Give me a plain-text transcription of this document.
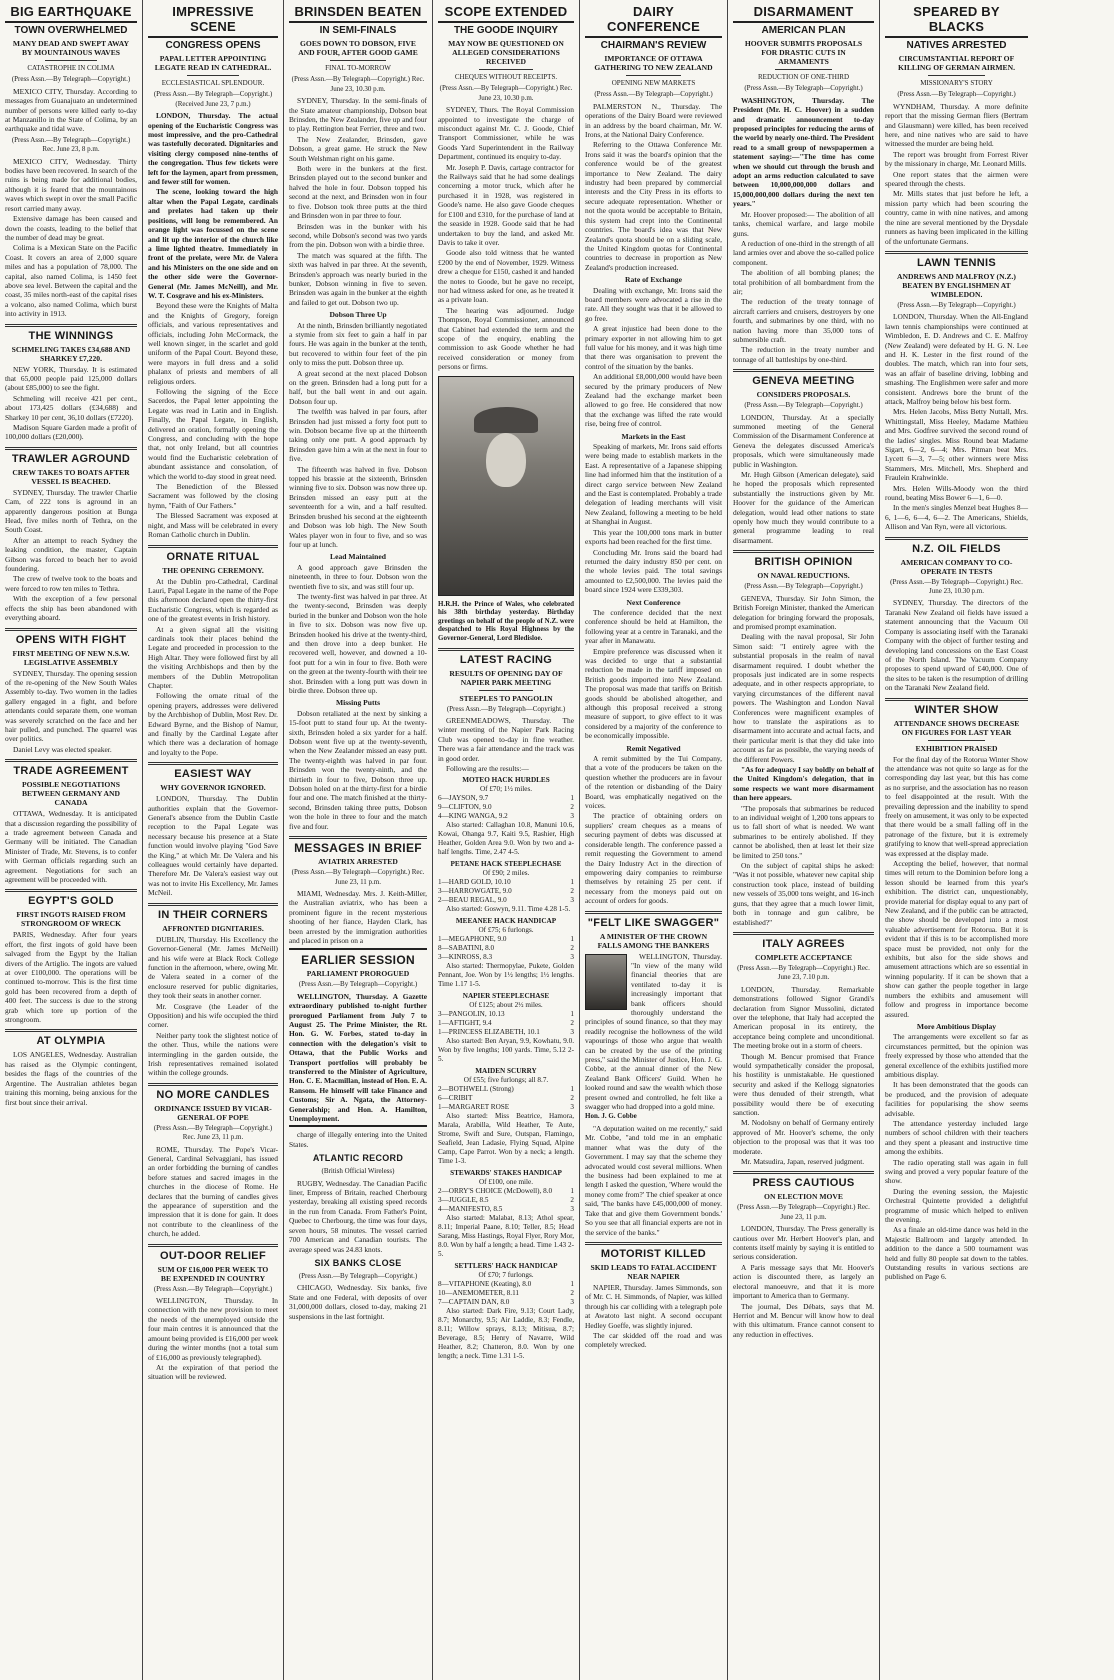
BIG EARTHQUAKE
TOWN OVERWHELMED
MANY DEAD AND SWEPT AWAY BY MOUNTAINOUS WAVES
CATASTROPHE IN COLIMA
(Press Assn.—By Telegraph—Copyright.)

MEXICO CITY, Thursday. According to messages from Guanajuato an undetermined number of persons were killed early to-day at Manzanillo in the State of Colima, by an earthquake and tidal wave.

(Press Assn.—By Telegraph—Copyright.) Rec. June 23, 8 p.m.

MEXICO CITY, Wednesday. Thirty bodies have been recovered. In search of the ruins is being made for additional bodies, although it is feared that the mountainous waves which swept in over the small Pacific resort carried many away.

Extensive damage has been caused and down the coasts, leading to the belief that the number of dead may be great.

Colima is a Mexican State on the Pacific Coast. It covers an area of 2,000 square miles and has a population of 78,000. The capital, also named Colima, is 1450 feet above sea level. Between the capital and the coast, 35 miles north-east of the capital rises a volcano, also named Colima, which burst into activity in 1913.

THE WINNINGS
SCHMELING TAKES £34,688 AND SHARKEY £7,220.

NEW YORK, Thursday. It is estimated that 65,000 people paid 125,000 dollars (about £85,000) to see the fight.

Schmeling will receive 421 per cent., about 173,425 dollars (£34,688) and Sharkey 10 per cent, 36,10 dollars (£7220).

Madison Square Garden made a profit of 100,000 dollars (£20,000).

TRAWLER AGROUND
CREW TAKES TO BOATS AFTER VESSEL IS BEACHED.

SYDNEY, Thursday. The trawler Charlie Cam, of 222 tons is aground in an apparently dangerous position at Bunga Head, five miles north of Tethra, on the South Coast.

After an attempt to reach Sydney the leaking condition, the master, Captain Gibson was forced to beach her to avoid foundering.

The crew of twelve took to the boats and were forced to row ten miles to Tethra.

With the exception of a few personal effects the ship has been abandoned with everything aboard.

OPENS WITH FIGHT
FIRST MEETING OF NEW N.S.W. LEGISLATIVE ASSEMBLY

SYDNEY, Thursday. The opening session of the re-opening of the New South Wales Assembly to-day. Two women in the ladies gallery engaged in a fight, and before attendants could separate them, one woman was severely scratched on the face and her hair pulled, and punched. The quarrel was over politics.

Daniel Levy was elected speaker.

TRADE AGREEMENT
POSSIBLE NEGOTIATIONS BETWEEN GERMANY AND CANADA

OTTAWA, Wednesday. It is anticipated that a discussion regarding the possibility of a trade agreement between Canada and Germany will be initiated. The Canadian Minister of Trade, Mr. Stevens, is to confer with German officials regarding such an agreement. Negotiations for such an agreement will be proceeded with.

EGYPT'S GOLD
FIRST INGOTS RAISED FROM STRONGROOM OF WRECK

PARIS, Wednesday. After four years effort, the first ingots of gold have been salvaged from the Egypt by the Italian divers of the Artiglio. The ingots are valued at over £100,000. The operations will be continued to-morrow. This is the first time gold has been recovered from a depth of 400 feet. The success is due to the strong grab which tore up portion of the strongroom.

AT OLYMPIA

LOS ANGELES, Wednesday. Australian has raised as the Olympic contingent, besides the flags of the countries of the Argentine. The Australian athletes began training this morning, being anxious for the first bout since their arrival.

IMPRESSIVE SCENE
CONGRESS OPENS
PAPAL LETTER APPOINTING LEGATE READ IN CATHEDRAL.
ECCLESIASTICAL SPLENDOUR.
(Press Assn.—By Telegraph—Copyright.) (Received June 23, 7 p.m.)

LONDON, Thursday. The actual opening of the Eucharistic Congress was most impressive, and the pro-Cathedral was tastefully decorated. Dignitaries and visiting clergy composed nine-tenths of the congregation. Thus few tickets were left for the laymen, apart from pressmen, and fewer still for women.

The scene, looking toward the high altar when the Papal Legate, cardinals and prelates had taken up their positions, will long be remembered. An orange light was focussed on the scene and lit up the interior of the church like a lime lighted theatre. Immediately in front of the prelate, were Mr. de Valera and his Ministers on the one side and on the other side were the Governor-General (Mr. James McNeill), and Mr. W. T. Cosgrave and his ex-Ministers.

Beyond these were the Knights of Malta and the Knights of Gregory, foreign officials, and various representatives and officials, including John McCormack, the well known singer, in the scarlet and gold uniform of the Papal Court. Beyond these, were mayors in full dress and a solid phalanx of priests and members of all religious orders.

Following the signing of the Ecce Sacerdos, the Papal letter appointing the Legate was read in Latin and in English. Finally, the Papal Legate, in English, delivered an oration, formally opening the Congress, and concluding with the hope that, not only Ireland, but all countries would find the Eucharistic celebration of abundant assistance and consolation, of which the world to-day stood in great need.

The Benediction of the Blessed Sacrament was followed by the closing hymn, "Faith of Our Fathers."

The Blessed Sacrament was exposed at night, and Mass will be celebrated in every Roman Catholic church in Dublin.

ORNATE RITUAL
THE OPENING CEREMONY.

At the Dublin pro-Cathedral, Cardinal Lauri, Papal Legate in the name of the Pope this afternoon declared open the thirty-first Eucharistic Congress, which is regarded as one of the greatest events in Irish history.

At a given signal all the visiting cardinals took their places behind the Legate and proceeded in procession to the High Altar. They were followed first by all the visiting Archbishops and then by the members of the Dublin Metropolitan Chapter.

Following the ornate ritual of the opening prayers, addresses were delivered by the Archbishop of Dublin, Most Rev. Dr. Edward Byrne, and the Bishop of Namur, and finally by the Cardinal Legate after which there was a declaration of homage and loyalty to the Pope.

EASIEST WAY
WHY GOVERNOR IGNORED.

LONDON, Thursday. The Dublin authorities explain that the Governor-General's absence from the Dublin Castle reception to the Papal Legate was necessary because his presence at a State function would involve playing "God Save the King," at which Mr. De Valera and his colleagues would certainly have departed. Therefore Mr. De Valera's easiest way out was not to invite His Excellency, Mr. James McNeil.

IN THEIR CORNERS
AFFRONTED DIGNITARIES.

DUBLIN, Thursday. His Excellency the Governor-General (Mr. James McNeill) and his wife were at Black Rock College function in the afternoon, where, owing Mr. de Valera seated in a corner of the enclosure reserved for public dignitaries, they took their seats in another corner.

Mr. Cosgrave (the Leader of the Opposition) and his wife occupied the third corner.

Neither party took the slightest notice of the other. Thus, while the nations were intermingling in the garden outside, the Irish representatives remained isolated within the college grounds.

NO MORE CANDLES
ORDINANCE ISSUED BY VICAR-GENERAL OF POPE
(Press Assn.—By Telegraph—Copyright.) Rec. June 23, 11 p.m.

ROME, Thursday. The Pope's Vicar-General, Cardinal Selvaggiani, has issued an order forbidding the burning of candles before statues and sacred images in the churches in the diocese of Rome. He declares that the burning of candles gives the appearance of superstition and the impression that it is done for gain. It does not contribute to the cleanliness of the church, he added.

OUT-DOOR RELIEF
SUM OF £16,000 PER WEEK TO BE EXPENDED IN COUNTRY
(Press Assn.—By Telegraph—Copyright.)

WELLINGTON, Thursday. In connection with the new provision to meet the needs of the unemployed outside the four main centres it is announced that the amount being provided is £16,000 per week during the winter months (not a total sum of £16,000 as previously telegraphed).

At the expiration of that period the situation will be reviewed.

BRINSDEN BEATEN
IN SEMI-FINALS
GOES DOWN TO DOBSON, FIVE AND FOUR, AFTER GOOD GAME
FINAL TO-MORROW
(Press Assn.—By Telegraph—Copyright.) Rec. June 23, 10.30 p.m.

SYDNEY, Thursday. In the semi-finals of the State amateur championship, Dobson beat Brinsden, the New Zealander, five up and four to play. Rettington beat Ferrier, three and two.

The New Zealander, Brinsden, gave Dobson, a great game. He struck the New South Welshman right on his game.

Both were in the bunkers at the first. Brinsden played out to the second bunker and halved the hole in four. Dobson topped his second at the next, and Brinsden won in four to five. Dobson took three putts at the third and Brinsden won in par three to four.

Brinsden was in the bunker with his second, while Dobson's second was two yards from the pin. Dobson won with a birdie three.

The match was squared at the fifth. The sixth was halved in par three. At the seventh, Brinsden's approach was nearly buried in the bunker, Dobson winning in five to seven. Brinsden was again in the bunker at the eighth and failed to get out. Dobson two up.

Dobson Three Up

At the ninth, Brinsden brilliantly negotiated a stymie from six feet to gain a half in par fours. He was again in the bunker at the tenth, but recovered to within four feet of the pin only to miss the putt. Dobson three up.

A great second at the next placed Dobson on the green. Brinsden had a long putt for a half, but the ball went in and out again. Dobson four up.

The twelfth was halved in par fours, after Brinsden had just missed a forty foot putt to win. Dobson became five up at the thirteenth taking only one putt. A good approach by Brinsden gave him a win at the next in four to five.

The fifteenth was halved in five. Dobson topped his brassie at the sixteenth, Brinsden winning five to six. Dobson was now three up. Brinsden missed an easy putt at the seventeenth for a win, and a half resulted. Brinsden brushed his second at the eighteenth and Dobson was lob high. The New South Wales player won in four to five, and so was four up at lunch.

Lead Maintained

A good approach gave Brinsden the nineteenth, in three to four. Dobson won the twentieth five to six, and was still four up.

The twenty-first was halved in par three. At the twenty-second, Brinsden was deeply buried in the bunker and Dobson won the hole in five to six. Dobson was now five up. Brinsden hooked his drive at the twenty-third, and then drove into a deep bunker. He recovered well, however, and downed a 10-foot putt for a win in four to five. Both were on the green at the twenty-fourth with their tee shot. Brinsden with a long putt was down in birdie three. Dobson three up.

Missing Putts

Dobson retaliated at the next by sinking a 15-foot putt to stand four up. At the twenty-sixth, Brinsden holed a six yarder for a half. Dobson went five up at the twenty-seventh, when the New Zealander missed an easy putt. The twenty-eighth was halved in par four. Brinsden won the twenty-ninth, and the thirtieth in four to five, Dobson three up. Dobson holed on at the thirty-first for a birdie four and one. The match finished at the thirty-second, Brinsden taking three putts, Dobson won the hole in three to four and the match five and four.

MESSAGES IN BRIEF
AVIATRIX ARRESTED
(Press Assn.—By Telegraph—Copyright.) Rec. June 23, 11 p.m.

MIAMI, Wednesday. Mrs. J. Keith-Miller, the Australian aviatrix, who has been a prominent figure in the recent mysterious shooting of her fiance, Hayden Clark, has been arrested by the immigration authorities and placed in prison on a

EARLIER SESSION
PARLIAMENT PROROGUED
(Press Assn.—By Telegraph—Copyright.)

WELLINGTON, Thursday. A Gazette extraordinary published to-night further prorogued Parliament from July 7 to August 25. The Prime Minister, the Rt. Hon. G. W. Forbes, stated to-day in connection with the delegation's visit to Ottawa, that the Public Works and Transport portfolios will probably be transferred to the Minister of Agriculture, Hon. C. E. Macmillan, instead of Hon. E. A. Ransom. He himself will take Finance and Customs; Sir A. Ngata, the Attorney-Generalship; and Hon. A. Hamilton, Unemployment.

charge of illegally entering into the United States.

ATLANTIC RECORD
(British Official Wireless)

RUGBY, Wednesday. The Canadian Pacific liner, Empress of Britain, reached Cherbourg yesterday, breaking all existing speed records in the run from Canada. From Father's Point, Quebec to Cherbourg, the time was four days, seven hours, 58 minutes. The vessel carried 700 American and Canadian tourists. The average speed was 24.83 knots.

SIX BANKS CLOSE
(Press Assn.—By Telegraph—Copyright.)

CHICAGO, Wednesday. Six banks, five State and one Federal, with deposits of over 31,000,000 dollars, closed to-day, making 21 suspensions in the last fortnight.

SCOPE EXTENDED
THE GOODE INQUIRY
MAY NOW BE QUESTIONED ON ALLEGED CONSIDERATIONS RECEIVED
CHEQUES WITHOUT RECEIPTS.
(Press Assn.—By Telegraph—Copyright.) Rec. June 23, 10.30 p.m.

SYDNEY, Thurs. The Royal Commission appointed to investigate the charge of misconduct against Mr. C. J. Goode, Chief Transport Commissioner, while he was Goods Yard Superintendent in the Railway Department, continued its enquiry to-day.

Mr. Joseph P. Davis, cartage contractor for the Railways said that he had some dealings concerning a motor truck, which after he purchased it in 1928, was registered in Goode's name. He also gave Goode cheques for £100 and £310, for the purchase of land at the seaside in 1928. Goode said that he had undertaken to buy the land, and asked Mr. Davis to take it over.

Goode also told witness that he wanted £200 by the end of November, 1929. Witness drew a cheque for £150, cashed it and handed the notes to Goode, but he gave no receipt, nor had witness asked for one, as he treated it as a private loan.

The hearing was adjourned. Judge Thompson, Royal Commissioner, announced that Cabinet had extended the term and the scope of the enquiry, enabling the commission to ask Goode whether he had received consideration or money from persons or firms.

H.R.H. the Prince of Wales, who celebrated his 38th birthday yesterday. Birthday greetings on behalf of the people of N.Z. were despatched to His Royal Highness by the Governor-General, Lord Bledisloe.
LATEST RACING
RESULTS OF OPENING DAY OF NAPIER PARK MEETING
STEEPLES TO PANGOLIN
(Press Assn.—By Telegraph—Copyright.)

GREENMEADOWS, Thursday. The winter meeting of the Napier Park Racing Club was opened to-day in fine weather. There was a fair attendance and the track was in good order.

Following are the results:—

MOTEO HACK HURDLES
Of £70; 1½ miles.
6—JAYSON, 9.7	1
9—CLIFTON, 9.0	2
4—KING WANGA, 9.2	3
Also started: Callaghan 10.8, Manuni 10.6, Kowai, Ohanga 9.7, Kaiti 9.5, Rashier, High Heather, Golden Area 9.0. Won by two and a-half lengths. Time, 2.47 4-5.
PETANE HACK STEEPLECHASE
Of £90; 2 miles.
1—HARD GOLD, 10.10	1
3—HARROWGATE, 9.0	2
2—BEAU REGAL, 9.0	3
Also started: Goswyn, 9.11. Time 4.28 1-5.
MEEANEE HACK HANDICAP
Of £75; 6 furlongs.
1—MEGAPHONE, 9.0	1
8—SABATINI, 8.0	2
3—KINROSS, 8.3	3
Also started: Thermopylae, Pukete, Golden Pennant, Joe. Won by 1½ lengths; 1½ lengths. Time 1.17 1-5.
NAPIER STEEPLECHASE
Of £125; about 2½ miles.
3—PANGOLIN, 10.13	1
1—AFTIGHT, 9.4	2
1—PRINCESS ELIZABETH, 10.1	3
Also started: Ben Aryan, 9.9, Kowhatu, 9.0. Won by five lengths; 100 yards. Time, 5.12 2-5.
MAIDEN SCURRY
Of £55; five furlongs; all 8.7.
2—BOTHWELL (Strong)	1
6—CRIBIT	2
1—MARGARET ROSE	3
Also started: Miss Beatrice, Hamora, Marala, Arabilla, Wild Heather, Te Aute, Strome, Swift and Sure, Outspan, Flamingo, Seafield, Jean Ladasie, Flying Squad, Alpine Camp, Cape Parrot. Won by a neck; a length. Time 1-3.
STEWARDS' STAKES HANDICAP
Of £100, one mile.
2—ORRY'S CHOICE (McDowell), 8.0	1
3—JUGGLE, 8.5	2
4—MANIFESTO, 8.5	3
Also started: Malabat, 8.13; Athol spear, 8.11; Imperial Paane, 8.10; Teller, 8.5; Head Sarang, Miss Hastings, Royal Flyer, Rory Mor, 8.0. Won by half a length; a head. Time 1.43 2-5.
SETTLERS' HACK HANDICAP
Of £70; 7 furlongs.
8—VITAPHONE (Keating), 8.0	1
10—ANEMOMETER, 8.11	2
7—CAPTAIN DAN, 8.0	3
Also started: Dark Fire, 9.13; Court Lady, 8.7; Monarchy, 9.5; Air Laddie, 8.3; Fendle, 8.11; Willow sprays, 8.13; Mitisua, 8.7; Beverage, 8.5; Henry of Navarre, Wild Heather, 8.2; Chatteron, 8.0. Won by one length; a neck. Time 1.31 1-5.
DAIRY CONFERENCE
CHAIRMAN'S REVIEW
IMPORTANCE OF OTTAWA GATHERING TO NEW ZEALAND
OPENING NEW MARKETS
(Press Assn.—By Telegraph—Copyright.)

PALMERSTON N., Thursday. The operations of the Dairy Board were reviewed in an address by the board chairman, Mr. W. Irons, at the National Dairy Conference.

Referring to the Ottawa Conference Mr. Irons said it was the board's opinion that the conference would be of the greatest importance to New Zealand. The dairy industry had been prepared by commercial interests and the City Press in its efforts to secure adequate representation. Whether or not the quota would be acceptable to Britain, this system had crept into the Continental countries. The board's idea was that New Zealand's quota should be on a sliding scale, the United Kingdom quotas for Continental countries to decrease in proportion as New Zealand's production increased.

Rate of Exchange

Dealing with exchange, Mr. Irons said the board members were advocated a rise in the rate. All they sought was that it be allowed to go free.

A great injustice had been done to the primary exporter in not allowing him to get full value for his money, and it was high time that there was organisation to prevent the control of the situation by the banks.

An additional £8,000,000 would have been secured by the primary producers of New Zealand had the exchange market been allowed to go free. He considered that now that the exchange was lifted the rate would rise, being free of control.

Markets in the East

Speaking of markets, Mr. Irons said efforts were being made to establish markets in the East. A representative of a Japanese shipping line had informed him that the institution of a direct cargo service between New Zealand and the East is contemplated. Probably a trade delegation of leading merchants will visit New Zealand, following a meeting to be held at Shanghai in August.

This year the 100,000 tons mark in butter exports had been reached for the first time.

Concluding Mr. Irons said the board had returned the dairy industry 850 per cent. on the whole levies paid. The total savings amounted to £2,500,000. The levies paid the board since 1924 were £339,303.

Next Conference

The conference decided that the next conference should be held at Hamilton, the following year at a centre in Taranaki, and the year after in Manawatu.

Empire preference was discussed when it was decided to urge that a substantial reduction be made in the tariff imposed on British goods imported into New Zealand. The proposal was made that tariffs on British goods should be abolished altogether, and although this proposal received a strong measure of support, to give effect to it was considered by a majority of the conference to be economically impossible.

Remit Negatived

A remit submitted by the Tui Company, that a vote of the producers be taken on the question whether the producers are in favour of the retention or disbanding of the Dairy Board, was emphatically negatived on the voices.

The practice of obtaining orders on suppliers' cream cheques as a means of securing payment of debts was discussed at considerable length. The conference passed a remit requesting the Government to amend the Dairy Industry Act in the direction of empowering dairy companies to reimburse themselves by retaining 25 per cent. if necessary from the moneys paid out on account of orders for goods.

"FELT LIKE SWAGGER"
A MINISTER OF THE CROWN FALLS AMONG THE BANKERS

WELLINGTON, Thursday. "In view of the many wild financial theories that are ventilated to-day it is increasingly important that bank officers should thoroughly understand the principles of sound finance, so that they may readily recognise the hollowness of the wild vapourings of those who argue that wealth can be created by the use of the printing press," said the Minister of Justice, Hon. J. G. Cobbe, at the annual dinner of the New Zealand Bank Officers' Guild. When he looked round and saw the wealth which those present owned and controlled, he felt like a swagger who had dropped into a gold mine.

Hon. J. G. Cobbe

"A deputation waited on me recently," said Mr. Cobbe, "and told me in an emphatic manner what was the duty of the Government. I may say that the scheme they advocated would cost several millions. When the business had been explained to me at length I asked the question, 'Where would the money come from?' The chief speaker at once said, 'The banks have £45,000,000 of money. Take that and give them Government bonds.' So you see that all financial experts are not in the service of the banks."

MOTORIST KILLED
SKID LEADS TO FATAL ACCIDENT NEAR NAPIER

NAPIER, Thursday. James Simmonds, son of Mr. C. H. Simmonds, of Napier, was killed through his car colliding with a telegraph pole at Awatoto last night. A second occupant Hedley Goeffe, was slightly injured.

The car skidded off the road and was completely wrecked.

DISARMAMENT
AMERICAN PLAN
HOOVER SUBMITS PROPOSALS FOR DRASTIC CUTS IN ARMAMENTS
REDUCTION OF ONE-THIRD
(Press Assn.—By Telegraph—Copyright.)

WASHINGTON, Thursday. The President (Mr. H. C. Hoover) in a sudden and dramatic announcement to-day proposed principles for reducing the arms of the world by nearly one-third. The President read to a small group of newspapermen a statement saying:—"The time has come when we should cut through the brush and adopt an arms reduction calculated to save between 10,000,000,000 dollars and 15,000,000,000 dollars during the next ten years."

Mr. Hoover proposed:— The abolition of all tanks, chemical warfare, and large mobile guns.

A reduction of one-third in the strength of all land armies over and above the so-called police component.

The abolition of all bombing planes; the total prohibition of all bombardment from the air;

The reduction of the treaty tonnage of aircraft carriers and cruisers, destroyers by one fourth, and submarines by one third, with no nation having more than 35,000 tons of submersible craft.

The reduction in the treaty number and tonnage of all battleships by one-third.

GENEVA MEETING
CONSIDERS PROPOSALS.
(Press Assn.—By Telegraph—Copyright.)

LONDON, Thursday. At a specially summoned meeting of the General Commission of the Disarmament Conference at Geneva the delegates discussed America's proposals, which were simultaneously made public in Washington.

Mr. Hugh Gibson (American delegate), said he hoped the proposals which represented substantially the instructions given by Mr. Hoover for the guidance of the American delegation, would lead other nations to state openly how much they would contribute to a general programme leading to real disarmament.

BRITISH OPINION
ON NAVAL REDUCTIONS.
(Press Assn.—By Telegraph—Copyright.)

GENEVA, Thursday. Sir John Simon, the British Foreign Minister, thanked the American delegation for bringing forward the proposals, and promised prompt examination.

Dealing with the naval proposal, Sir John Simon said: "I entirely agree with the substantial proposals in the realm of naval disarmament required. I doubt whether the proposals just indicated are in some respects adequate, and in other respects appropriate, to varying circumstances of the different naval powers. The Washington and London Naval Conferences were magnificent examples of how to translate the aspirations as to disarmament into accurate and actual facts, and their particular merit is that they did take into account as far as possible, the varying needs of the different Powers.

"As for adequacy I say boldly on behalf of the United Kingdom's delegation, that in some respects we want more disarmament than here appears.

"The proposals that submarines be reduced to an individual weight of 1,200 tons appears to us to fall short of what is needed. We want submarines to be entirely abolished. If they cannot be abolished, then at least let their size be limited to 250 tons."

On the subject of capital ships he asked: "Was it not possible, whatever new capital ship construction took place, instead of building new vessels of 35,000 tons weight, and 16-inch guns, that they agree that a much lower limit, both in tonnage and gun calibre, be established?"

ITALY AGREES
COMPLETE ACCEPTANCE
(Press Assn.—By Telegraph—Copyright.) Rec. June 23, 7.10 p.m.

LONDON, Thursday. Remarkable demonstrations followed Signor Grandi's declaration from Signor Mussolini, dictated over the telephone, that Italy had accepted the American proposal in its entirety, the acceptance being complete and unconditional. The meeting broke out in a storm of cheers.

Though M. Bencur promised that France would sympathetically consider the proposal, his hostility is unmistakable. He questioned security and asked if the Kellogg signatories were thus denuded of their strength, what possibility would there be of executing sanction.

M. Nodolsny on behalf of Germany entirely approved of Mr. Hoover's scheme, the only objection to the proposal was that it was too moderate.

Mr. Matsudira, Japan, reserved judgment.

PRESS CAUTIOUS
ON ELECTION MOVE
(Press Assn.—By Telegraph—Copyright.) Rec. June 23, 11 p.m.

LONDON, Thursday. The Press generally is cautious over Mr. Herbert Hoover's plan, and contents itself mainly by saying it is entitled to serious consideration.

A Paris message says that Mr. Hoover's action is discounted there, as largely an electoral manoeuvre, and that it is more important to America than to Germany.

The journal, Des Débats, says that M. Herriot and M. Bencur will know how to deal with this ultimatum. France cannot consent to any reduction in effectives.

SPEARED BY BLACKS
NATIVES ARRESTED
CIRCUMSTANTIAL REPORT OF KILLING OF GERMAN AIRMEN.
MISSIONARY'S STORY
(Press Assn.—By Telegraph—Copyright.)

WYNDHAM, Thursday. A more definite report that the missing German fliers (Bertram and Glausmann) were killed, has been received here, and nine natives who are said to have witnessed the murder are being held.

The report was brought from Forrest River by the missionary in charge, Mr. Leonard Mills.

One report states that the airmen were speared through the chests.

Mr. Mills states that just before he left, a mission party which had been scouring the country, came in with nine natives, and among the nine are several mentioned by the Drysdale runners as having been implicated in the killing of the unfortunate Germans.

LAWN TENNIS
ANDREWS AND MALFROY (N.Z.) BEATEN BY ENGLISHMEN AT WIMBLEDON.
(Press Assn.—By Telegraph—Copyright.)

LONDON, Thursday. When the All-England lawn tennis championships were continued at Wimbledon, E. D. Andrews and C. E. Malfroy (New Zealand) were defeated by H. G. N. Lee and H. K. Lester in the first round of the doubles. The match, which ran into four sets, was an affair of baseline driving, lobbing and smashing. The Englishmen were safer and more consistent. Andrews bore the brunt of the attack, Malfroy being below his best form.

Mrs. Helen Jacobs, Miss Betty Nuttall, Mrs. Whittingstall, Miss Heeley, Madame Mathieu and Mrs. Godfree survived the second round of the ladies' singles. Miss Round beat Madame Sigart, 6—2, 6—4; Mrs. Pitman beat Mrs. Lycett 6—3, 7—5; other winners were Miss Stammers, Mrs. Mitchell, Mrs. Shepherd and Fraulein Krahwinkle.

Mrs. Helen Wills-Moody won the third round, beating Miss Bower 6—1, 6—0.

In the men's singles Menzel beat Hughes 8—6, 1—6, 6—4, 6—2. The Americans, Shields, Allison and Van Ryn, were all victorious.

N.Z. OIL FIELDS
AMERICAN COMPANY TO CO-OPERATE IN TESTS
(Press Assn.—By Telegraph—Copyright.) Rec. June 23, 10.30 p.m.

SYDNEY, Thursday. The directors of the Taranaki New Zealand oil fields have issued a statement announcing that the Vacuum Oil Company is associating itself with the Taranaki Company with the object of further testing and developing land concessions on the East Coast of the North Island. The Vacuum Company proposes to spend upward of £40,000. One of the sites to be taken is the resumption of drilling on the Taranaki New Zealand field.

WINTER SHOW
ATTENDANCE SHOWS DECREASE ON FIGURES FOR LAST YEAR
EXHIBITION PRAISED

For the final day of the Rotorua Winter Show the attendance was not quite so large as for the corresponding day last year, but this has come as no surprise, and the association has no reason to feel disappointed at the result. With the prevailing depression and the inability to spend freely on amusement, it was only to be expected that there would be a small falling off in the patronage of the fixture, but it is extremely gratifying to know that well-spread appreciation was expressed at the display made.

Accepting the belief, however, that normal times will return to the Dominion before long a lesson should be learned from this year's exhibition. The district can, unquestionably, provide material for display equal to any part of New Zealand, and if the public can be attracted, the show should be developed into a most valuable advertisement for Rotorua. But it is evident that if this is to be accomplished more space must be provided, not only for the exhibits, but also for the side shows and amusement attractions which are so essential in winning popularity. If it can be shown that a show can gather the people together in large numbers the exhibits and amusement will follow and progress in importance become assured.

More Ambitious Display

The arrangements were excellent so far as circumstances permitted, but the opinion was freely expressed by those who attended that the general excellence of the exhibits justified more ambitious display.

It has been demonstrated that the goods can be produced, and the provision of adequate facilities for popularising the show seems advisable.

The attendance yesterday included large numbers of school children with their teachers and they spent a pleasant and instructive time among the exhibits.

The radio operating stall was again in full swing and proved a very popular feature of the show.

During the evening session, the Majestic Orchestral Quintette provided a delightful programme of music which helped to enliven the evening.

As a finale an old-time dance was held in the Majestic Ballroom and largely attended. In addition to the dance a 500 tournament was held and fully 80 people sat down to the tables. Outstanding results in various sections are published on Page 6.
